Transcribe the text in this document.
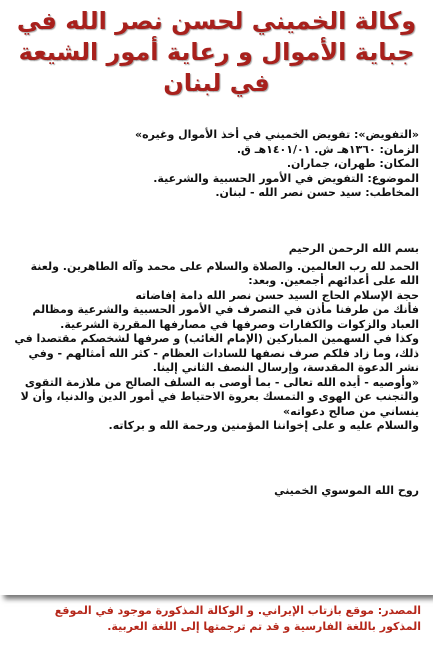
وكالة الخميني لحسن نصر الله في جباية الأموال و رعاية أمور الشيعة في لبنان

«التفويض»: تفويض الخميني في أخذ الأموال وغيره»

الزمان: ١٣٦٠هـ ش. ١٤٠١/٠١هـ ق.

المكان: طهران، جماران.

الموضوع: التفويض في الأمور الحسبية والشرعية.

المخاطب: سيد حسن نصر الله - لبنان.

بسم الله الرحمن الرحيم

الحمد لله رب العالمين. والصلاة والسلام على محمد وآله الطاهرين. ولعنة الله على أعدائهم أجمعين. وبعد:

حجة الإسلام الحاج السيد حسن نصر الله دامة إفاضاته

فأنك من طرفنا مأذن في التصرف في الأمور الحسبية والشرعية ومظالم العباد والزكوات والكفارات وصرفها في مصارفها المقررة الشرعية.

وكذا في السهمين المباركين (الإمام الغائب) و صرفها لشخصكم مقتصدا في ذلك، وما زاد فلكم صرف نصفها للسادات العظام - كثر الله أمثالهم - وفي نشر الدعوة المقدسة، وإرسال النصف الثاني إلينا.

«وأوصيه - أيده الله تعالى - بما أوصى به السلف الصالح من ملازمة التقوى والتجنب عن الهوى و التمسك بعروة الاحتياط في أمور الدين والدنيا، وأن لا ينساني من صالح دعواته»

والسلام عليه و على إخواننا المؤمنين ورحمة الله و بركاته.

روح الله الموسوي الخميني
المصدر: موقع بازتاب الإيراني. و الوكالة المذكورة موجود في الموقع المذكور باللغة الفارسية و قد تم ترجمتها إلى اللغة العربية.
